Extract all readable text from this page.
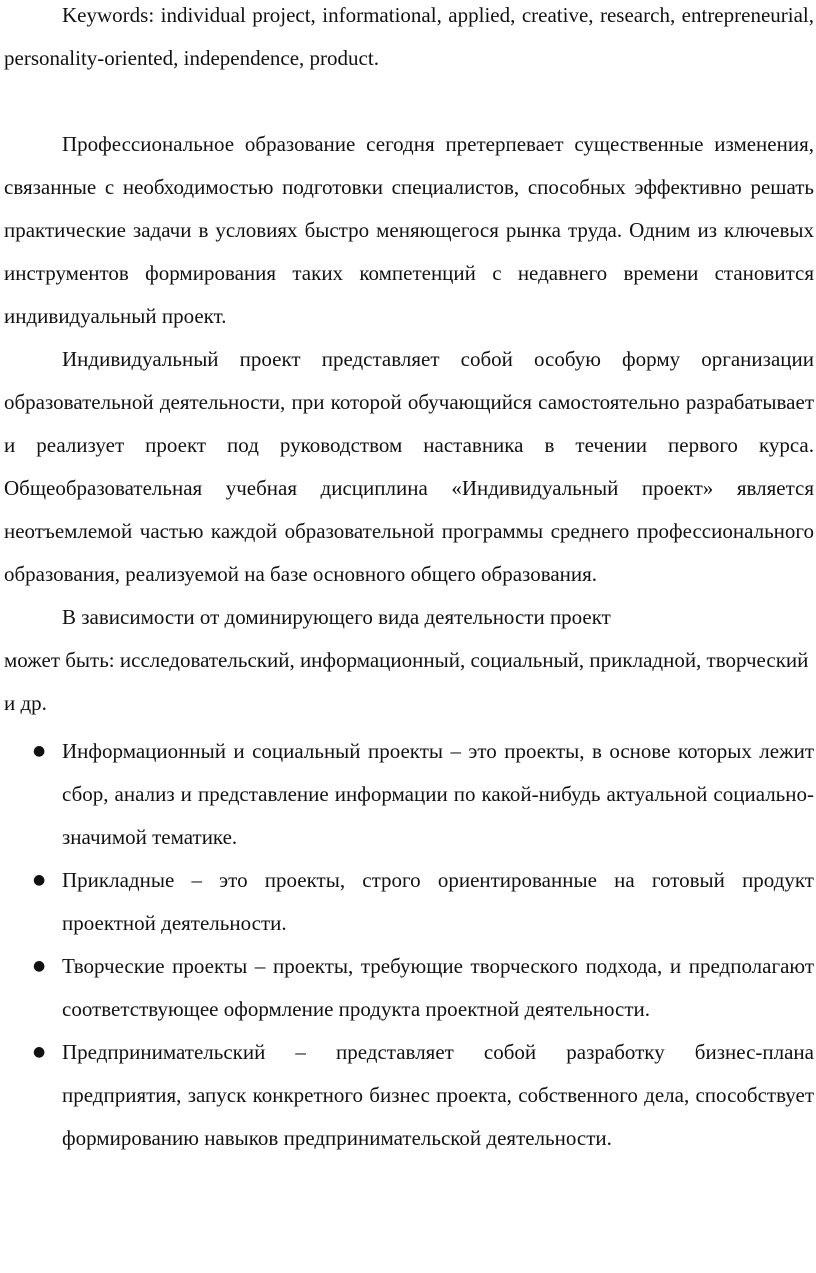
Keywords: individual project, informational, applied, creative, research, entrepreneurial, personality-oriented, independence, product.

Профессиональное образование сегодня претерпевает существенные изменения, связанные с необходимостью подготовки специалистов, способных эффективно решать практические задачи в условиях быстро меняющегося рынка труда. Одним из ключевых инструментов формирования таких компетенций с недавнего времени становится индивидуальный проект.

Индивидуальный проект представляет собой особую форму организации образовательной деятельности, при которой обучающийся самостоятельно разрабатывает и реализует проект под руководством наставника в течении первого курса. Общеобразовательная учебная дисциплина «Индивидуальный проект» является неотъемлемой частью каждой образовательной программы среднего профессионального образования, реализуемой на базе основного общего образования.

В зависимости от доминирующего вида деятельности проект

может быть: исследовательский, информационный, социальный, прикладной, творческий и др.

● Информационный и социальный проекты – это проекты, в основе которых лежит сбор, анализ и представление информации по какой-нибудь актуальной социально-значимой тематике.
● Прикладные – это проекты, строго ориентированные на готовый продукт проектной деятельности.
● Творческие проекты – проекты, требующие творческого подхода, и предполагают соответствующее оформление продукта проектной деятельности.
● Предпринимательский – представляет собой разработку бизнес-плана предприятия, запуск конкретного бизнес проекта, собственного дела, способствует формированию навыков предпринимательской деятельности.
